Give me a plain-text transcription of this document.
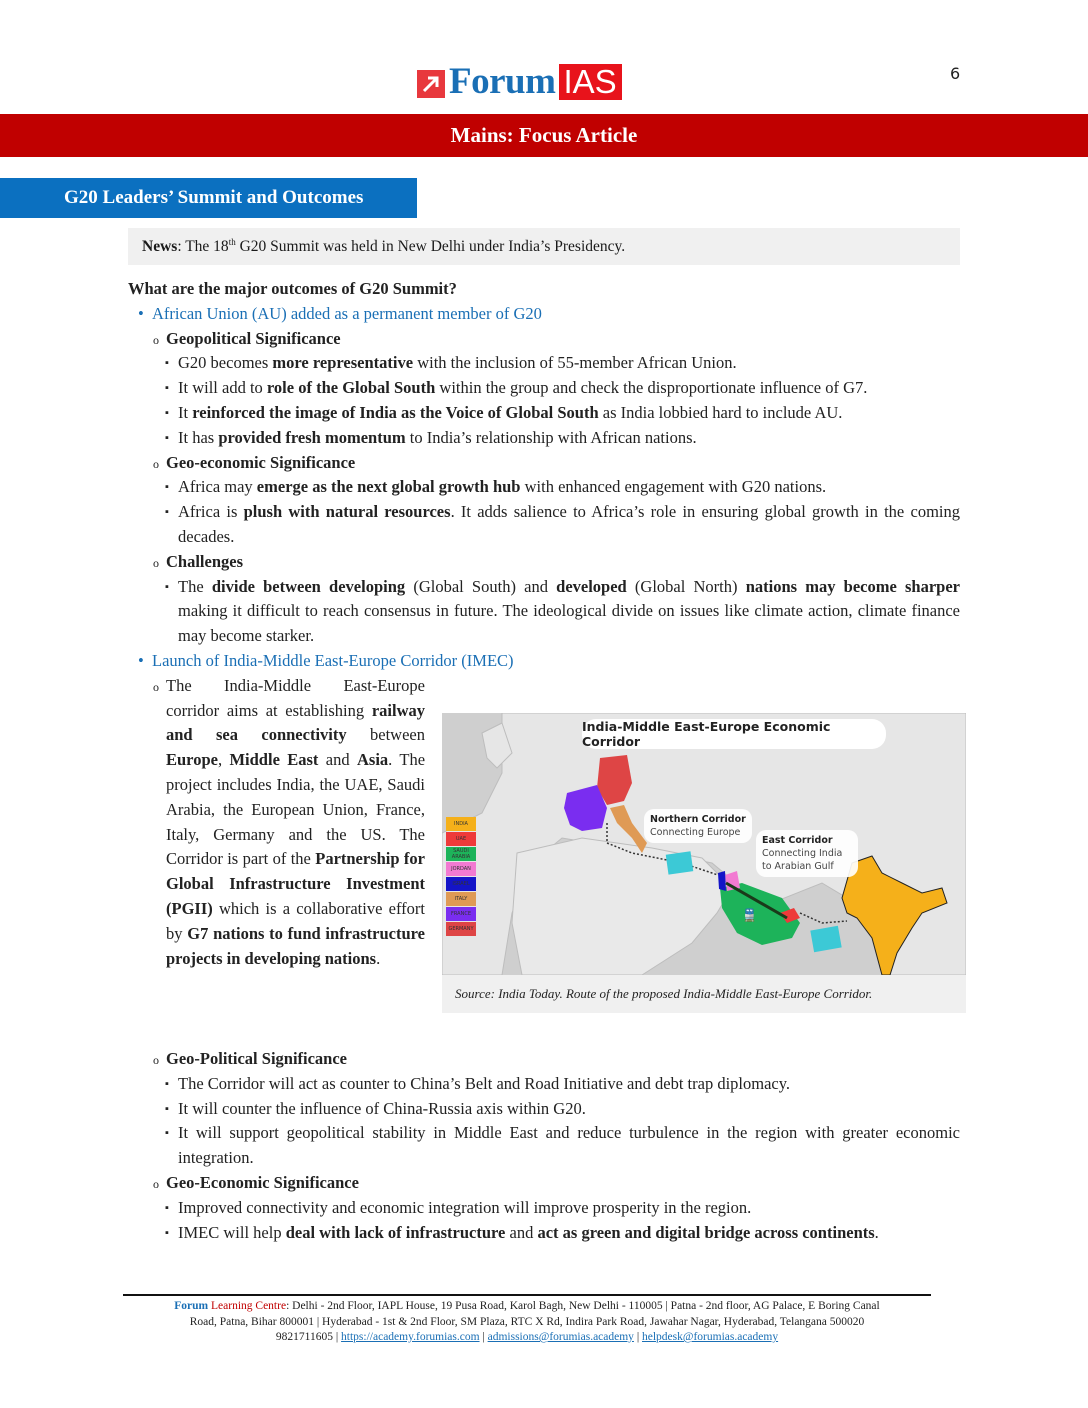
Forum IAS	6
Mains: Focus Article
G20 Leaders’ Summit and Outcomes
News: The 18th G20 Summit was held in New Delhi under India’s Presidency.
What are the major outcomes of G20 Summit?
• African Union (AU) added as a permanent member of G20
o Geopolitical Significance
▪ G20 becomes more representative with the inclusion of 55-member African Union.
▪ It will add to role of the Global South within the group and check the disproportionate influence of G7.
▪ It reinforced the image of India as the Voice of Global South as India lobbied hard to include AU.
▪ It has provided fresh momentum to India’s relationship with African nations.
o Geo-economic Significance
▪ Africa may emerge as the next global growth hub with enhanced engagement with G20 nations.
▪ Africa is plush with natural resources. It adds salience to Africa’s role in ensuring global growth in the coming decades.
o Challenges
▪ The divide between developing (Global South) and developed (Global North) nations may become sharper making it difficult to reach consensus in future. The ideological divide on issues like climate action, climate finance may become starker.
• Launch of India-Middle East-Europe Corridor (IMEC)
o The India-Middle East-Europe corridor aims at establishing railway and sea connectivity between Europe, Middle East and Asia. The project includes India, the UAE, Saudi Arabia, the European Union, France, Italy, Germany and the US. The Corridor is part of the Partnership for Global Infrastructure Investment (PGII) which is a collaborative effort by G7 nations to fund infrastructure projects in developing nations.
🚆
India-Middle East-Europe Economic Corridor
Northern Corridor
Connecting Europe
East Corridor
Connecting India to Arabian Gulf
INDIA
UAE
SAUDI ARABIA
JORDAN
ISRAEL
ITALY
FRANCE
GERMANY
Source: India Today. Route of the proposed India-Middle East-Europe Corridor.
o Geo-Political Significance
▪ The Corridor will act as counter to China’s Belt and Road Initiative and debt trap diplomacy.
▪ It will counter the influence of China-Russia axis within G20.
▪ It will support geopolitical stability in Middle East and reduce turbulence in the region with greater economic integration.
o Geo-Economic Significance
▪ Improved connectivity and economic integration will improve prosperity in the region.
▪ IMEC will help deal with lack of infrastructure and act as green and digital bridge across continents.
Forum Learning Centre: Delhi - 2nd Floor, IAPL House, 19 Pusa Road, Karol Bagh, New Delhi - 110005 | Patna - 2nd floor, AG Palace, E Boring Canal
Road, Patna, Bihar 800001 | Hyderabad - 1st & 2nd Floor, SM Plaza, RTC X Rd, Indira Park Road, Jawahar Nagar, Hyderabad, Telangana 500020
9821711605 | https://academy.forumias.com | admissions@forumias.academy | helpdesk@forumias.academy
